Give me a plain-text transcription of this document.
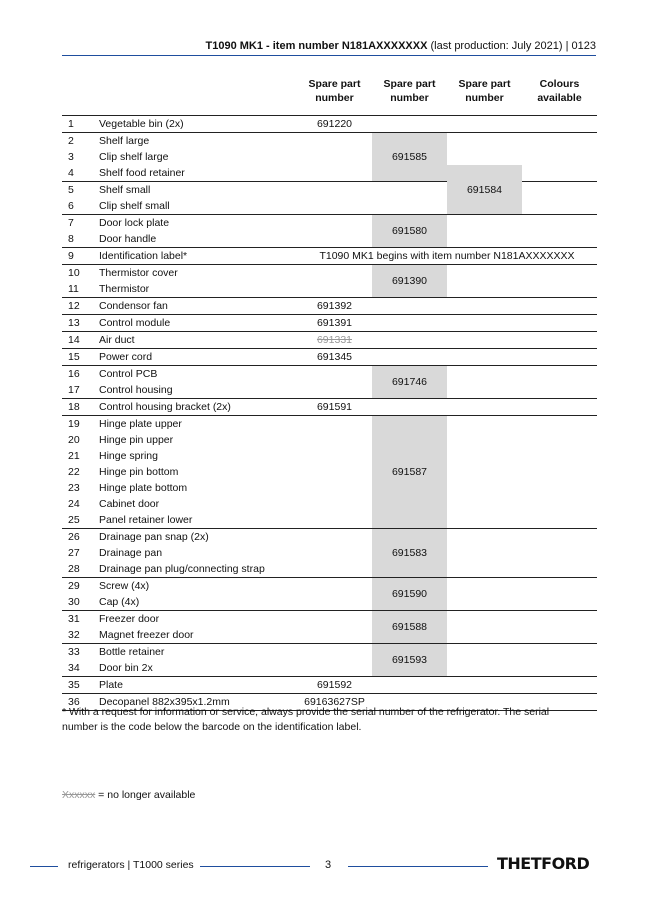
T1090 MK1 - item number N181AXXXXXXX (last production: July 2021) | 0123
		Spare part number	Spare part number	Spare part number	Colours available
1	Vegetable bin (2x)	691220			
2	Shelf large		691585		
3	Clip shelf large				
4	Shelf food retainer			691584	
5	Shelf small				
6	Clip shelf small				
7	Door lock plate		691580		
8	Door handle				
9	Identification label*	T1090 MK1 begins with item number N181AXXXXXXX			
10	Thermistor cover		691390		
11	Thermistor				
12	Condensor fan	691392			
13	Control module	691391			
14	Air duct	691331			
15	Power cord	691345			
16	Control PCB		691746		
17	Control housing				
18	Control housing bracket (2x)	691591			
19	Hinge plate upper		691587		
20	Hinge pin upper				
21	Hinge spring				
22	Hinge pin bottom				
23	Hinge plate bottom				
24	Cabinet door				
25	Panel retainer lower				
26	Drainage pan snap (2x)		691583		
27	Drainage pan				
28	Drainage pan plug/connecting strap				
29	Screw (4x)		691590		
30	Cap (4x)				
31	Freezer door		691588		
32	Magnet freezer door				
33	Bottle retainer		691593		
34	Door bin 2x				
35	Plate	691592			
36	Decopanel 882x395x1.2mm	69163627SP			
* With a request for information or service, always provide the serial number of the refrigerator. The serial number is the code below the barcode on the identification label.
Xxxxxx = no longer available
refrigerators | T1000 series	3	THETFORD
